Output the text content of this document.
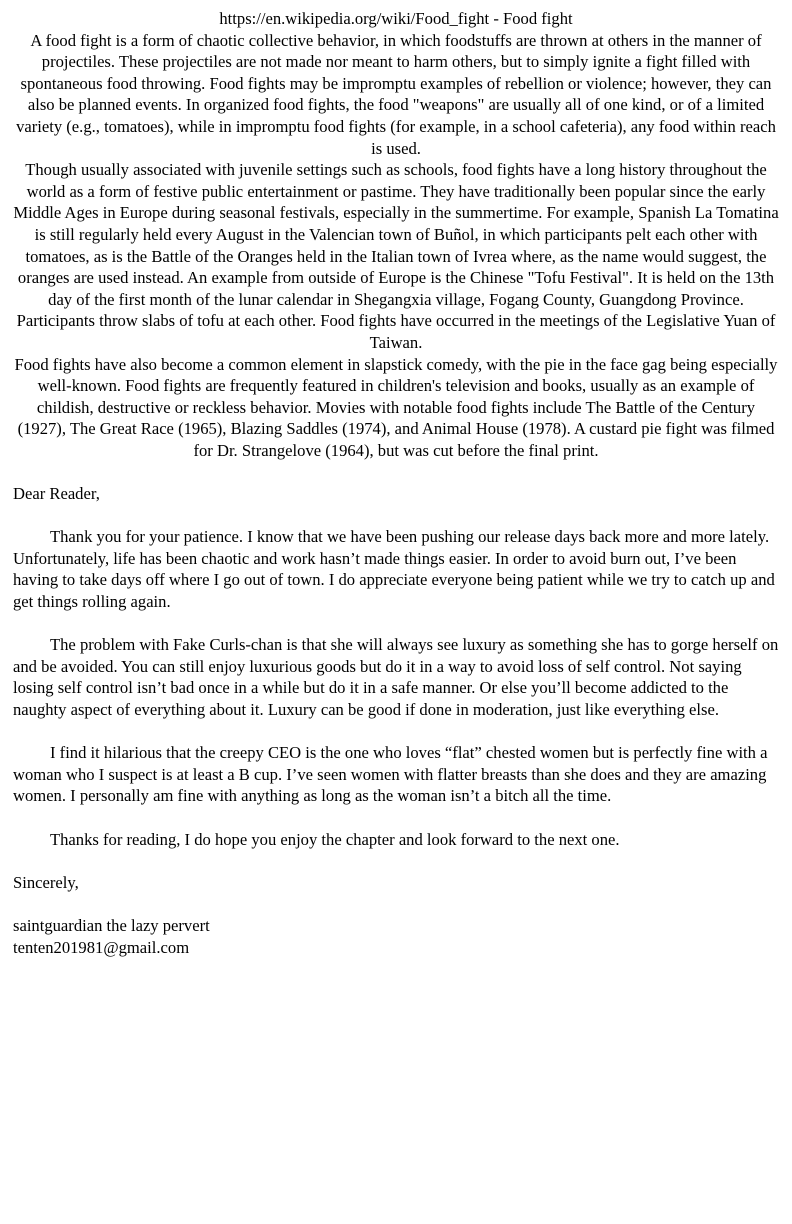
https://en.wikipedia.org/wiki/Food_fight - Food fight

A food fight is a form of chaotic collective behavior, in which foodstuffs are thrown at others in the manner of projectiles. These projectiles are not made nor meant to harm others, but to simply ignite a fight filled with spontaneous food throwing. Food fights may be impromptu examples of rebellion or violence; however, they can also be planned events. In organized food fights, the food "weapons" are usually all of one kind, or of a limited variety (e.g., tomatoes), while in impromptu food fights (for example, in a school cafeteria), any food within reach is used.

Though usually associated with juvenile settings such as schools, food fights have a long history throughout the world as a form of festive public entertainment or pastime. They have traditionally been popular since the early Middle Ages in Europe during seasonal festivals, especially in the summertime. For example, Spanish La Tomatina is still regularly held every August in the Valencian town of Buñol, in which participants pelt each other with tomatoes, as is the Battle of the Oranges held in the Italian town of Ivrea where, as the name would suggest, the oranges are used instead. An example from outside of Europe is the Chinese "Tofu Festival". It is held on the 13th day of the first month of the lunar calendar in Shegangxia village, Fogang County, Guangdong Province. Participants throw slabs of tofu at each other. Food fights have occurred in the meetings of the Legislative Yuan of Taiwan.

Food fights have also become a common element in slapstick comedy, with the pie in the face gag being especially well-known. Food fights are frequently featured in children's television and books, usually as an example of childish, destructive or reckless behavior. Movies with notable food fights include The Battle of the Century (1927), The Great Race (1965), Blazing Saddles (1974), and Animal House (1978). A custard pie fight was filmed for Dr. Strangelove (1964), but was cut before the final print.

Dear Reader,

Thank you for your patience. I know that we have been pushing our release days back more and more lately. Unfortunately, life has been chaotic and work hasn’t made things easier. In order to avoid burn out, I’ve been having to take days off where I go out of town. I do appreciate everyone being patient while we try to catch up and get things rolling again.

The problem with Fake Curls-chan is that she will always see luxury as something she has to gorge herself on and be avoided. You can still enjoy luxurious goods but do it in a way to avoid loss of self control. Not saying losing self control isn’t bad once in a while but do it in a safe manner. Or else you’ll become addicted to the naughty aspect of everything about it. Luxury can be good if done in moderation, just like everything else.

I find it hilarious that the creepy CEO is the one who loves “flat” chested women but is perfectly fine with a woman who I suspect is at least a B cup. I’ve seen women with flatter breasts than she does and they are amazing women. I personally am fine with anything as long as the woman isn’t a bitch all the time.

Thanks for reading, I do hope you enjoy the chapter and look forward to the next one.

Sincerely,

saintguardian the lazy pervert

tenten201981@gmail.com
